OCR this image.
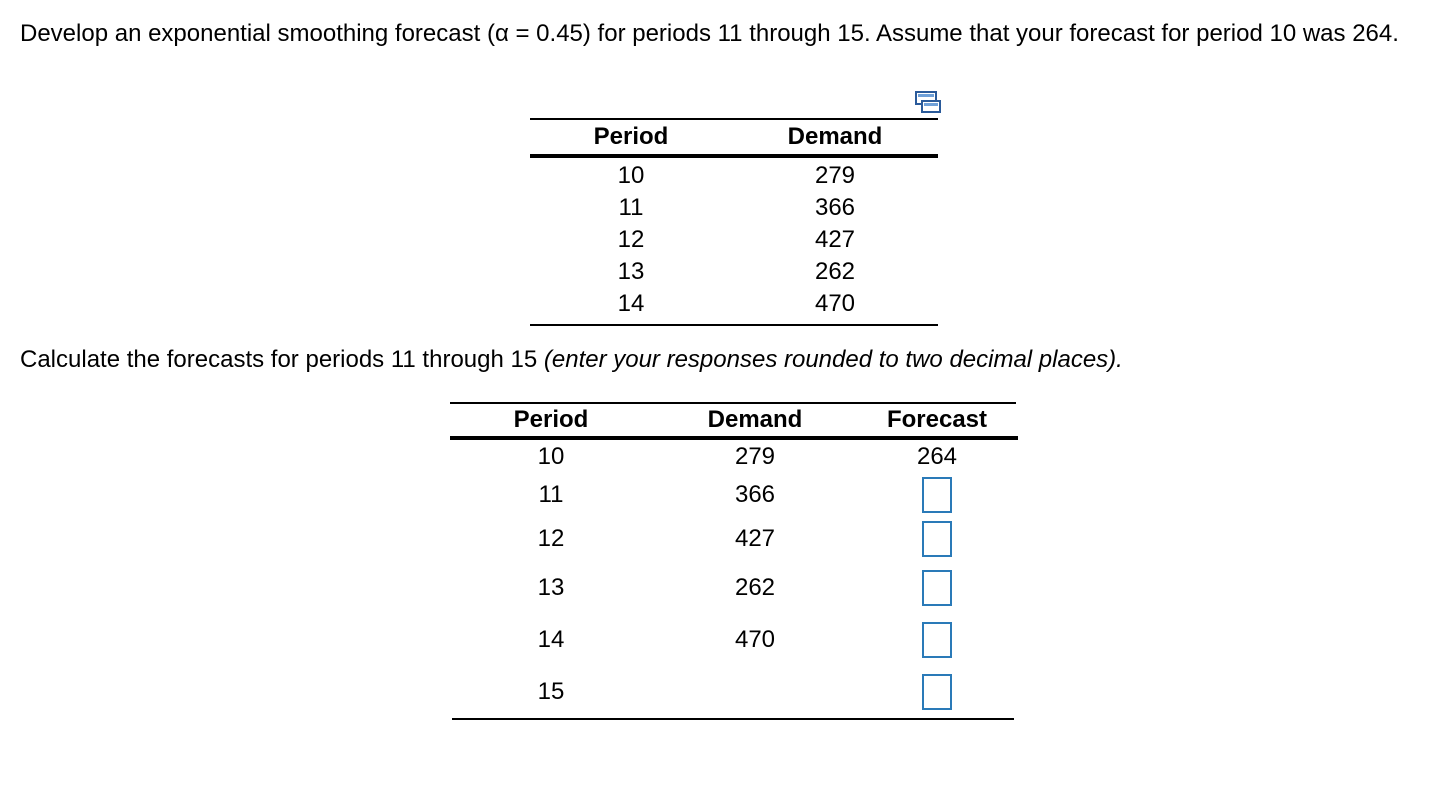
Develop an exponential smoothing forecast (α = 0.45) for periods 11 through 15. Assume that your forecast for period 10 was 264.
Period	Demand
10	279
11	366
12	427
13	262
14	470
Calculate the forecasts for periods 11 through 15 (enter your responses rounded to two decimal places).
Period	Demand	Forecast
10	279	264
11	366
12	427
13	262
14	470
15
